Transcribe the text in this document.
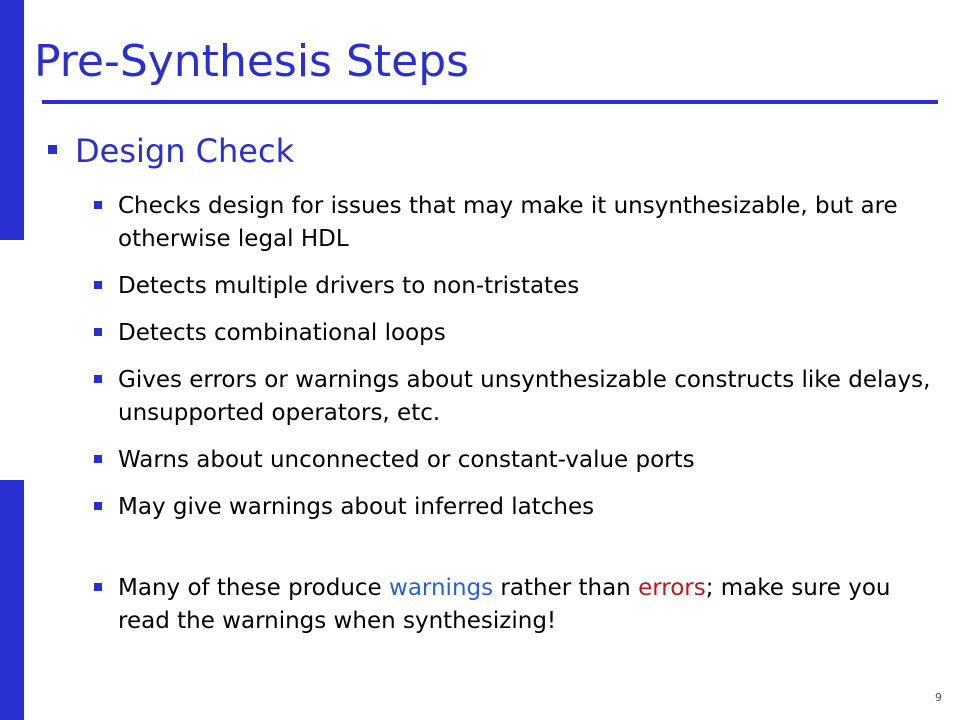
Pre-Synthesis Steps
Design Check
Checks design for issues that may make it unsynthesizable, but are otherwise legal HDL
Detects multiple drivers to non-tristates
Detects combinational loops
Gives errors or warnings about unsynthesizable constructs like delays, unsupported operators, etc.
Warns about unconnected or constant-value ports
May give warnings about inferred latches
Many of these produce warnings rather than errors; make sure you read the warnings when synthesizing!
9
